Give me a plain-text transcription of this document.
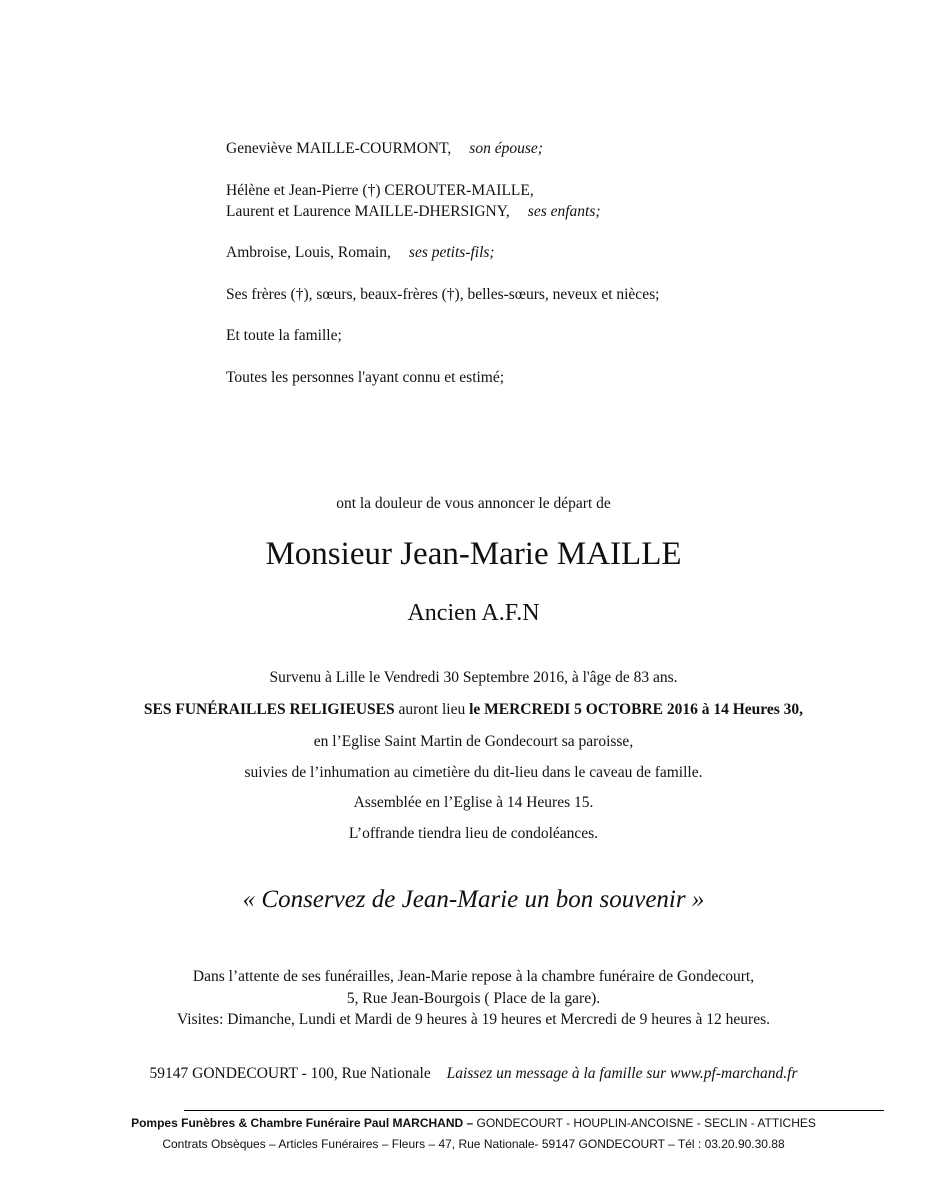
Geneviève MAILLE-COURMONT, son épouse;
Hélène et Jean-Pierre (†) CEROUTER-MAILLE,
Laurent et Laurence MAILLE-DHERSIGNY, ses enfants;
Ambroise, Louis, Romain, ses petits-fils;
Ses frères (†), sœurs, beaux-frères (†), belles-sœurs, neveux et nièces;
Et toute la famille;
Toutes les personnes l'ayant connu et estimé;
ont la douleur de vous annoncer le départ de
Monsieur Jean-Marie MAILLE
Ancien A.F.N
Survenu à Lille le Vendredi 30 Septembre 2016, à l'âge de 83 ans.
SES FUNÉRAILLES RELIGIEUSES auront lieu le MERCREDI 5 OCTOBRE 2016 à 14 Heures 30,
en l’Eglise Saint Martin de Gondecourt sa paroisse,
suivies de l’inhumation au cimetière du dit-lieu dans le caveau de famille.
Assemblée en l’Eglise à 14 Heures 15.
L’offrande tiendra lieu de condoléances.
« Conservez de Jean-Marie un bon souvenir »
Dans l’attente de ses funérailles, Jean-Marie repose à la chambre funéraire de Gondecourt,
5, Rue Jean-Bourgois ( Place de la gare).
Visites: Dimanche, Lundi et Mardi de 9 heures à 19 heures et Mercredi de 9 heures à 12 heures.
59147 GONDECOURT - 100, Rue Nationale Laissez un message à la famille sur www.pf-marchand.fr
Pompes Funèbres & Chambre Funéraire Paul MARCHAND – GONDECOURT - HOUPLIN-ANCOISNE - SECLIN - ATTICHES
Contrats Obsèques – Articles Funéraires – Fleurs – 47, Rue Nationale- 59147 GONDECOURT – Tél : 03.20.90.30.88
